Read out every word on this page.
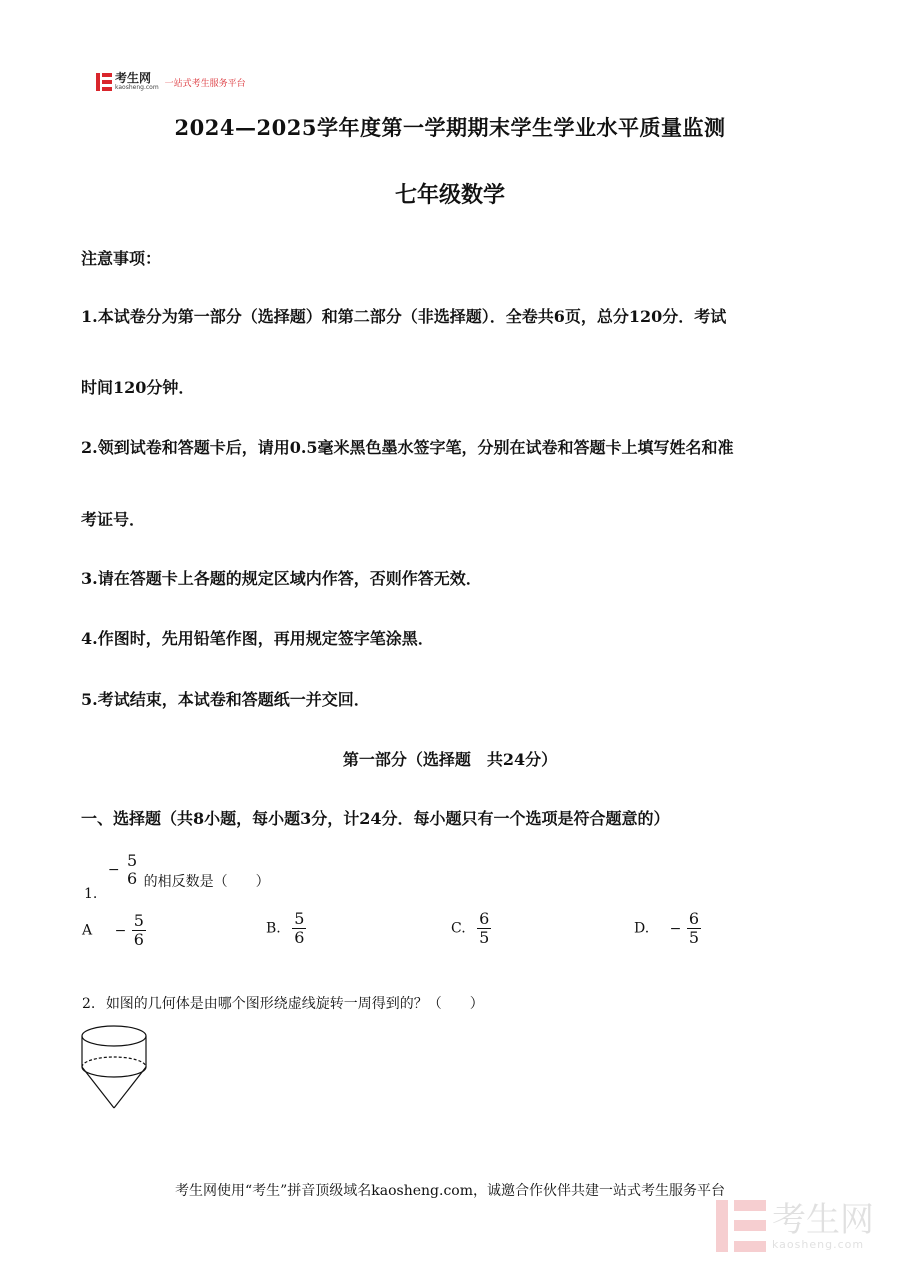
考生网
kaosheng.com 一站式考生服务平台
2024—2025学年度第一学期期末学生学业水平质量监测
七年级数学
注意事项：
1.本试卷分为第一部分（选择题）和第二部分（非选择题）．全卷共6页，总分120分．考试
时间120分钟．
2.领到试卷和答题卡后，请用0.5毫米黑色墨水签字笔，分别在试卷和答题卡上填写姓名和准
考证号．
3.请在答题卡上各题的规定区域内作答，否则作答无效．
4.作图时，先用铅笔作图，再用规定签字笔涂黑．
5.考试结束，本试卷和答题纸一并交回．
第一部分（选择题　共24分）
一、选择题（共8小题，每小题3分，计24分．每小题只有一个选项是符合题意的）
1. − 5
6 的相反数是（　　）
$A - \frac{5}{6}$	B. $\frac{5}{6}$	C. $\frac{6}{5}$	D. − $\frac{6}{5}$
2. 如图的几何体是由哪个图形绕虚线旋转一周得到的？（　　）
考生网使用“考生”拼音顶级域名kaosheng.com，诚邀合作伙伴共建一站式考生服务平台
考生网
kaosheng.com
